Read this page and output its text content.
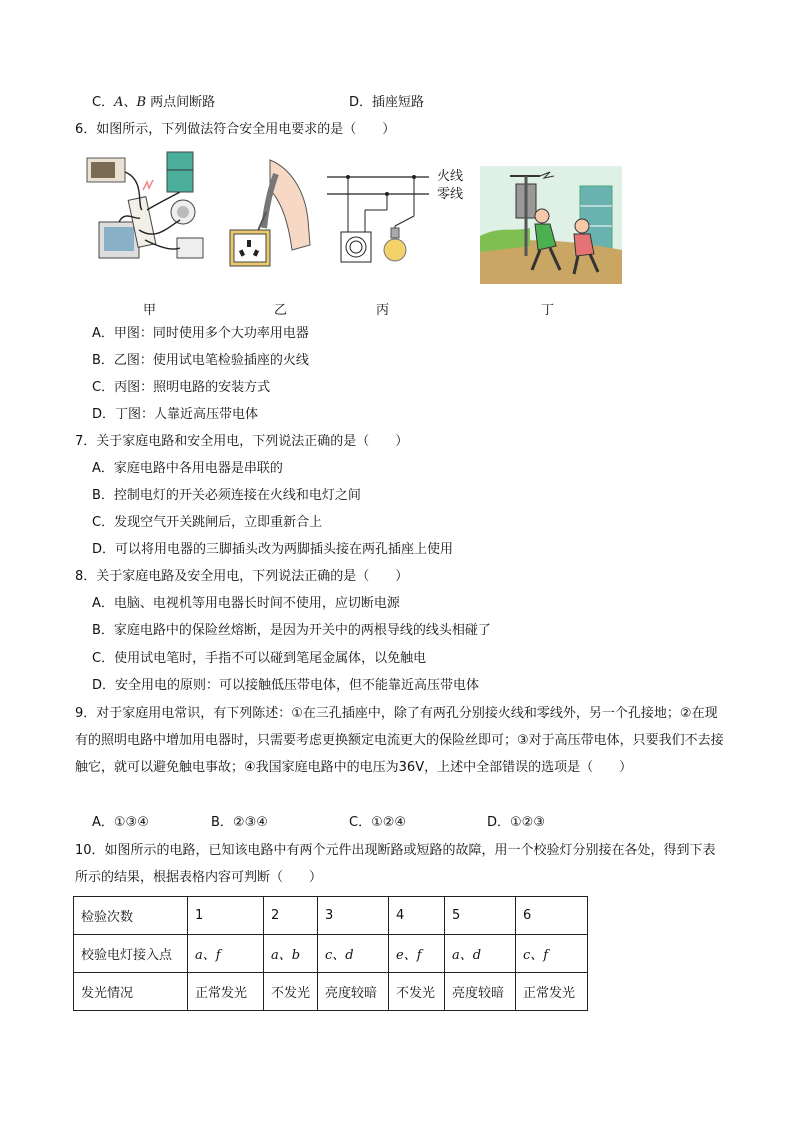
C．A、B 两点间断路	D．插座短路
6．如图所示，下列做法符合安全用电要求的是（　　）
火线
零线
甲	乙	丙	丁
A．甲图：同时使用多个大功率用电器
B．乙图：使用试电笔检验插座的火线
C．丙图：照明电路的安装方式
D．丁图：人靠近高压带电体
7．关于家庭电路和安全用电，下列说法正确的是（　　）
A．家庭电路中各用电器是串联的
B．控制电灯的开关必须连接在火线和电灯之间
C．发现空气开关跳闸后，立即重新合上
D．可以将用电器的三脚插头改为两脚插头接在两孔插座上使用
8．关于家庭电路及安全用电，下列说法正确的是（　　）
A．电脑、电视机等用电器长时间不使用，应切断电源
B．家庭电路中的保险丝熔断，是因为开关中的两根导线的线头相碰了
C．使用试电笔时，手指不可以碰到笔尾金属体，以免触电
D．安全用电的原则：可以接触低压带电体，但不能靠近高压带电体
9．对于家庭用电常识，有下列陈述：①在三孔插座中，除了有两孔分别接火线和零线外，另一个孔接地；②在现有的照明电路中增加用电器时，只需要考虑更换额定电流更大的保险丝即可；③对于高压带电体，只要我们不去接触它，就可以避免触电事故；④我国家庭电路中的电压为36V，上述中全部错误的选项是（　　）
A．①③④	B．②③④	C．①②④	D．①②③
10．如图所示的电路，已知该电路中有两个元件出现断路或短路的故障，用一个校验灯分别接在各处，得到下表所示的结果，根据表格内容可判断（　　）
检验次数	1	2	3	4	5	6
校验电灯接入点	a、f	a、b	c、d	e、f	a、d	c、f
发光情况	正常发光	不发光	亮度较暗	不发光	亮度较暗	正常发光
